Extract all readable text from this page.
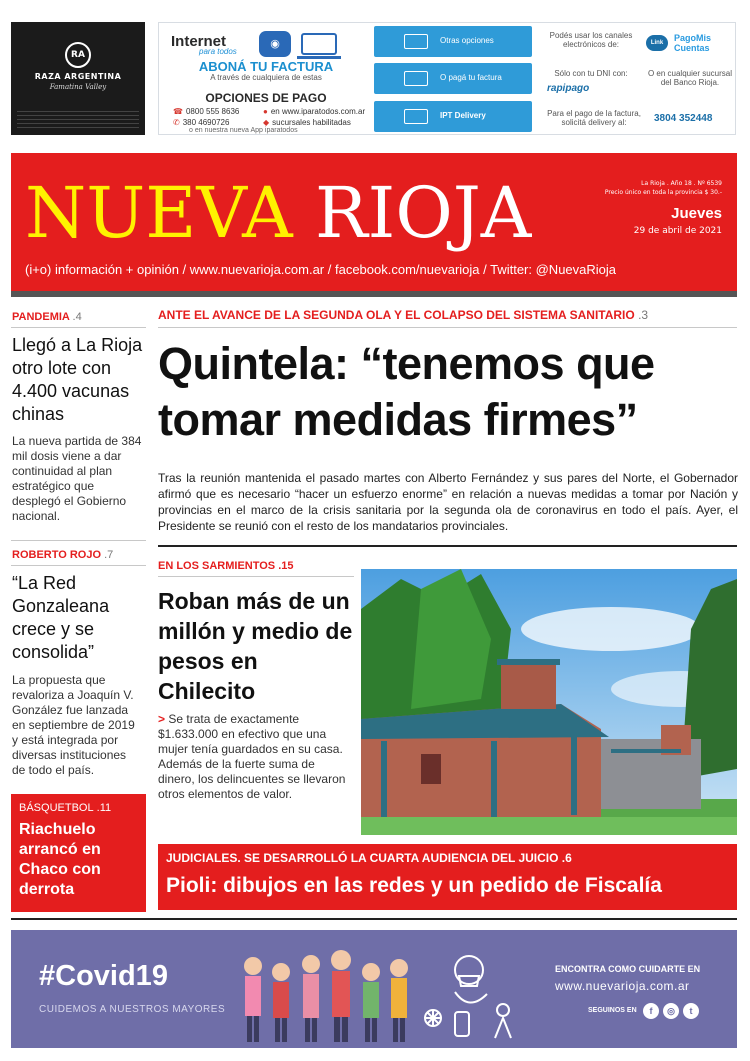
RA
RAZA ARGENTINA
Famatina Valley
Internet
para todos
◉
ABONÁ TU FACTURA
A través de cualquiera de estas
OPCIONES DE PAGO
☎ 0800 555 8636
✆ 380 4690726
● en www.iparatodos.com.ar
◆ sucursales habilitadas
o en nuestra nueva App iparatodos
Otras opciones
O pagá tu factura
IPT Delivery
Podés usar los canales electrónicos de:	Link	PagoMis Cuentas
Sólo con tu DNI con:
rapipago
O en cualquier sucursal del Banco Rioja.
Para el pago de la factura, solicitá delivery al:	3804 352448
NUEVA RIOJA	La Rioja . Año 18 . Nº 6539
Precio único en toda la provincia $ 30.-
Jueves
29 de abril de 2021
(i+o) información + opinión / www.nuevarioja.com.ar / facebook.com/nuevarioja / Twitter: @NuevaRioja
PANDEMIA .4
Llegó a La Rioja otro lote con 4.400 vacunas chinas
La nueva partida de 384 mil dosis viene a dar continuidad al plan estratégico que desplegó el Gobierno nacional.
ROBERTO ROJO .7
“La Red Gonzaleana crece y se consolida”
La propuesta que revaloriza a Joaquín V. González fue lanzada en septiembre de 2019 y está integrada por diversas instituciones de todo el país.
BÁSQUETBOL .11
Riachuelo arrancó en Chaco con derrota
ANTE EL AVANCE DE LA SEGUNDA OLA Y EL COLAPSO DEL SISTEMA SANITARIO .3
Quintela: “tenemos que tomar medidas firmes”
Tras la reunión mantenida el pasado martes con Alberto Fernández y sus pares del Norte, el Gobernador afirmó que es necesario “hacer un esfuerzo enorme” en relación a nuevas medidas a tomar por Nación y provincias en el marco de la crisis sanitaria por la segunda ola de coronavirus en todo el país. Ayer, el Presidente se reunió con el resto de los mandatarios provinciales.
EN LOS SARMIENTOS .15
Roban más de un millón y medio de pesos en Chilecito
> Se trata de exactamente $1.633.000 en efectivo que una mujer tenía guardados en su casa. Además de la fuerte suma de dinero, los delincuentes se llevaron otros elementos de valor.
JUDICIALES. SE DESARROLLÓ LA CUARTA AUDIENCIA DEL JUICIO .6
Pioli: dibujos en las redes y un pedido de Fiscalía
#Covid19
CUIDEMOS A NUESTROS MAYORES
ENCONTRA COMO CUIDARTE EN
www.nuevarioja.com.ar
SEGUINOS EN	f	◎	t
